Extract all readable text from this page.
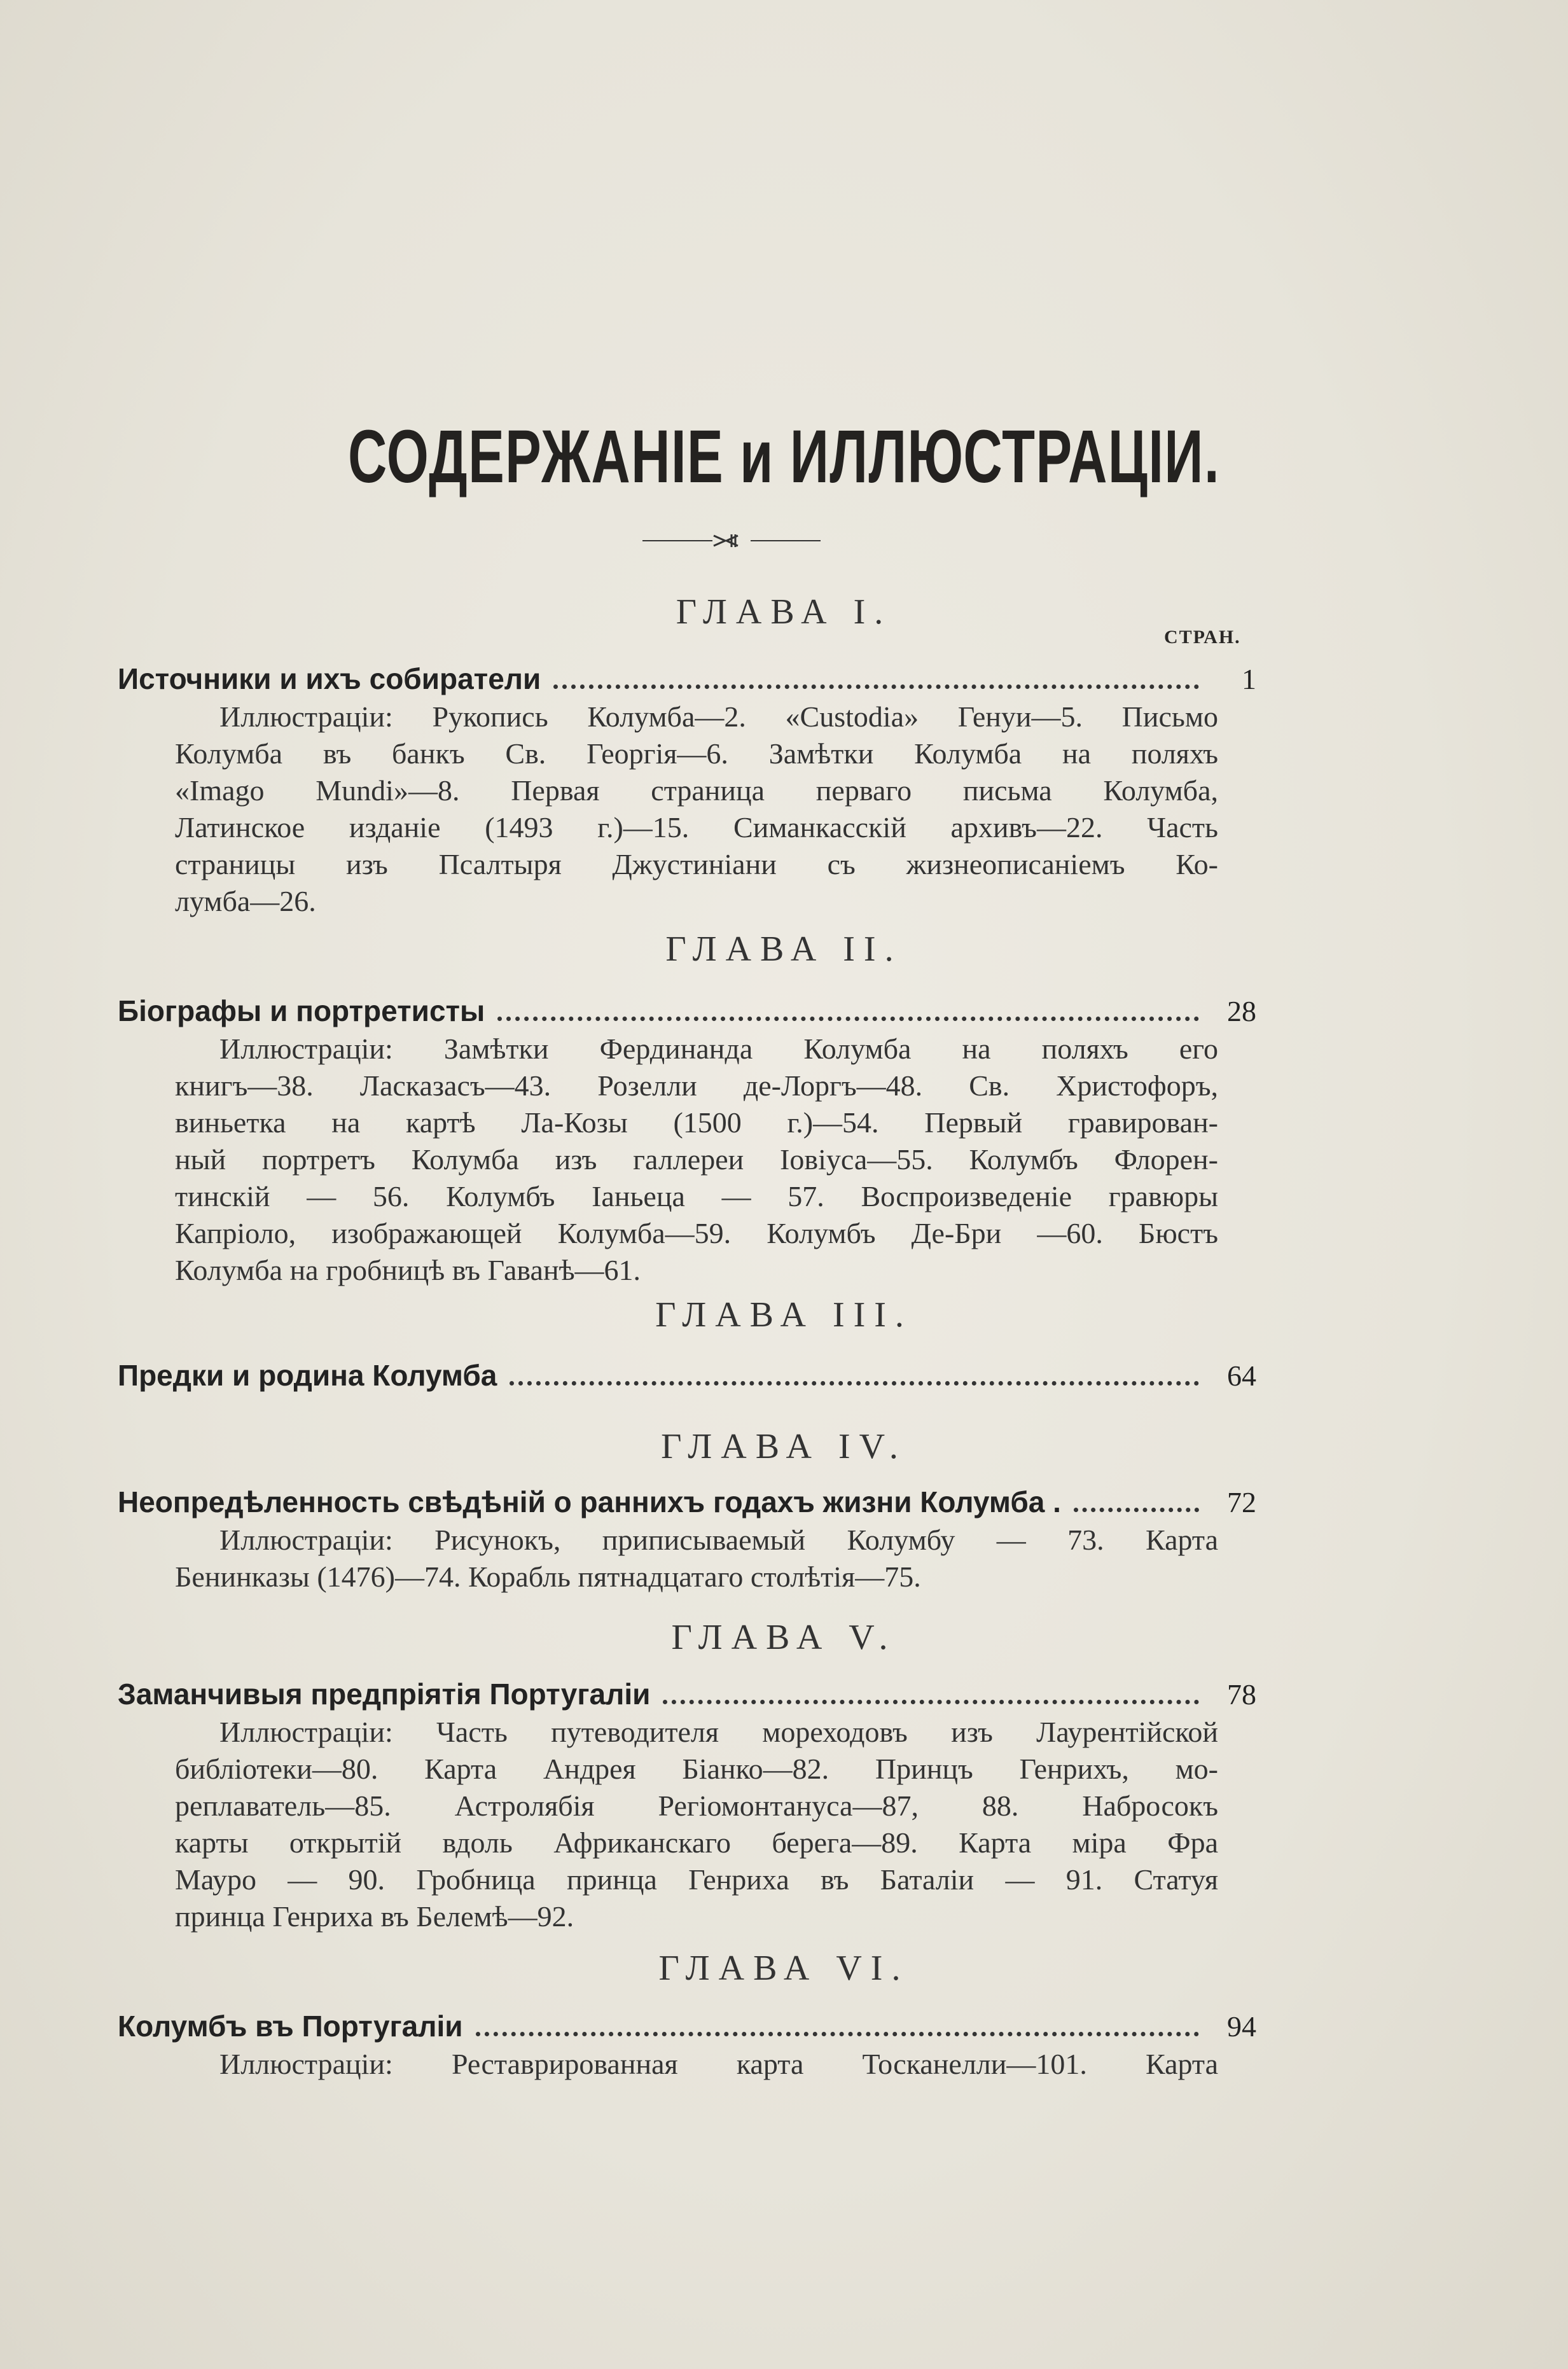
СОДЕРЖАНІЕ и ИЛЛЮСТРАЦІИ.
СТРАН.
ГЛАВА I.
Источники и ихъ собиратели	1
Иллюстраціи: Рукопись Колумба—2. «Custodia» Генуи—5. Письмо
Колумба въ банкъ Св. Георгія—6. Замѣтки Колумба на поляхъ
«Imago Mundi»—8. Первая страница перваго письма Колумба,
Латинское изданіе (1493 г.)—15. Симанкасскій архивъ—22. Часть
страницы изъ Псалтыря Джустиніани съ жизнеописаніемъ Ко-
лумба—26.
ГЛАВА II.
Біографы и портретисты	28
Иллюстраціи: Замѣтки Фердинанда Колумба на поляхъ его
книгъ—38. Ласказасъ—43. Розелли де-Лоргъ—48. Св. Христофоръ,
виньетка на картѣ Ла-Козы (1500 г.)—54. Первый гравирован-
ный портретъ Колумба изъ галлереи Іовіуса—55. Колумбъ Флорен-
тинскій — 56. Колумбъ Іаньеца — 57. Воспроизведеніе гравюры
Капріоло, изображающей Колумба—59. Колумбъ Де-Бри —60. Бюстъ
Колумба на гробницѣ въ Гаванѣ—61.
ГЛАВА III.
Предки и родина Колумба	64
ГЛАВА IV.
Неопредѣленность свѣдѣній о раннихъ годахъ жизни Колумба .	72
Иллюстраціи: Рисунокъ, приписываемый Колумбу — 73. Карта
Бенинказы (1476)—74. Корабль пятнадцатаго столѣтія—75.
ГЛАВА V.
Заманчивыя предпріятія Португаліи	78
Иллюстраціи: Часть путеводителя мореходовъ изъ Лаурентійской
библіотеки—80. Карта Андрея Біанко—82. Принцъ Генрихъ, мо-
реплаватель—85. Астролябія Регіомонтануса—87, 88. Набросокъ
карты открытій вдоль Африканскаго берега—89. Карта міра Фра
Мауро — 90. Гробница принца Генриха въ Баталіи — 91. Статуя
принца Генриха въ Белемѣ—92.
ГЛАВА VI.
Колумбъ въ Португаліи	94
Иллюстраціи: Реставрированная карта Тосканелли—101. Карта
